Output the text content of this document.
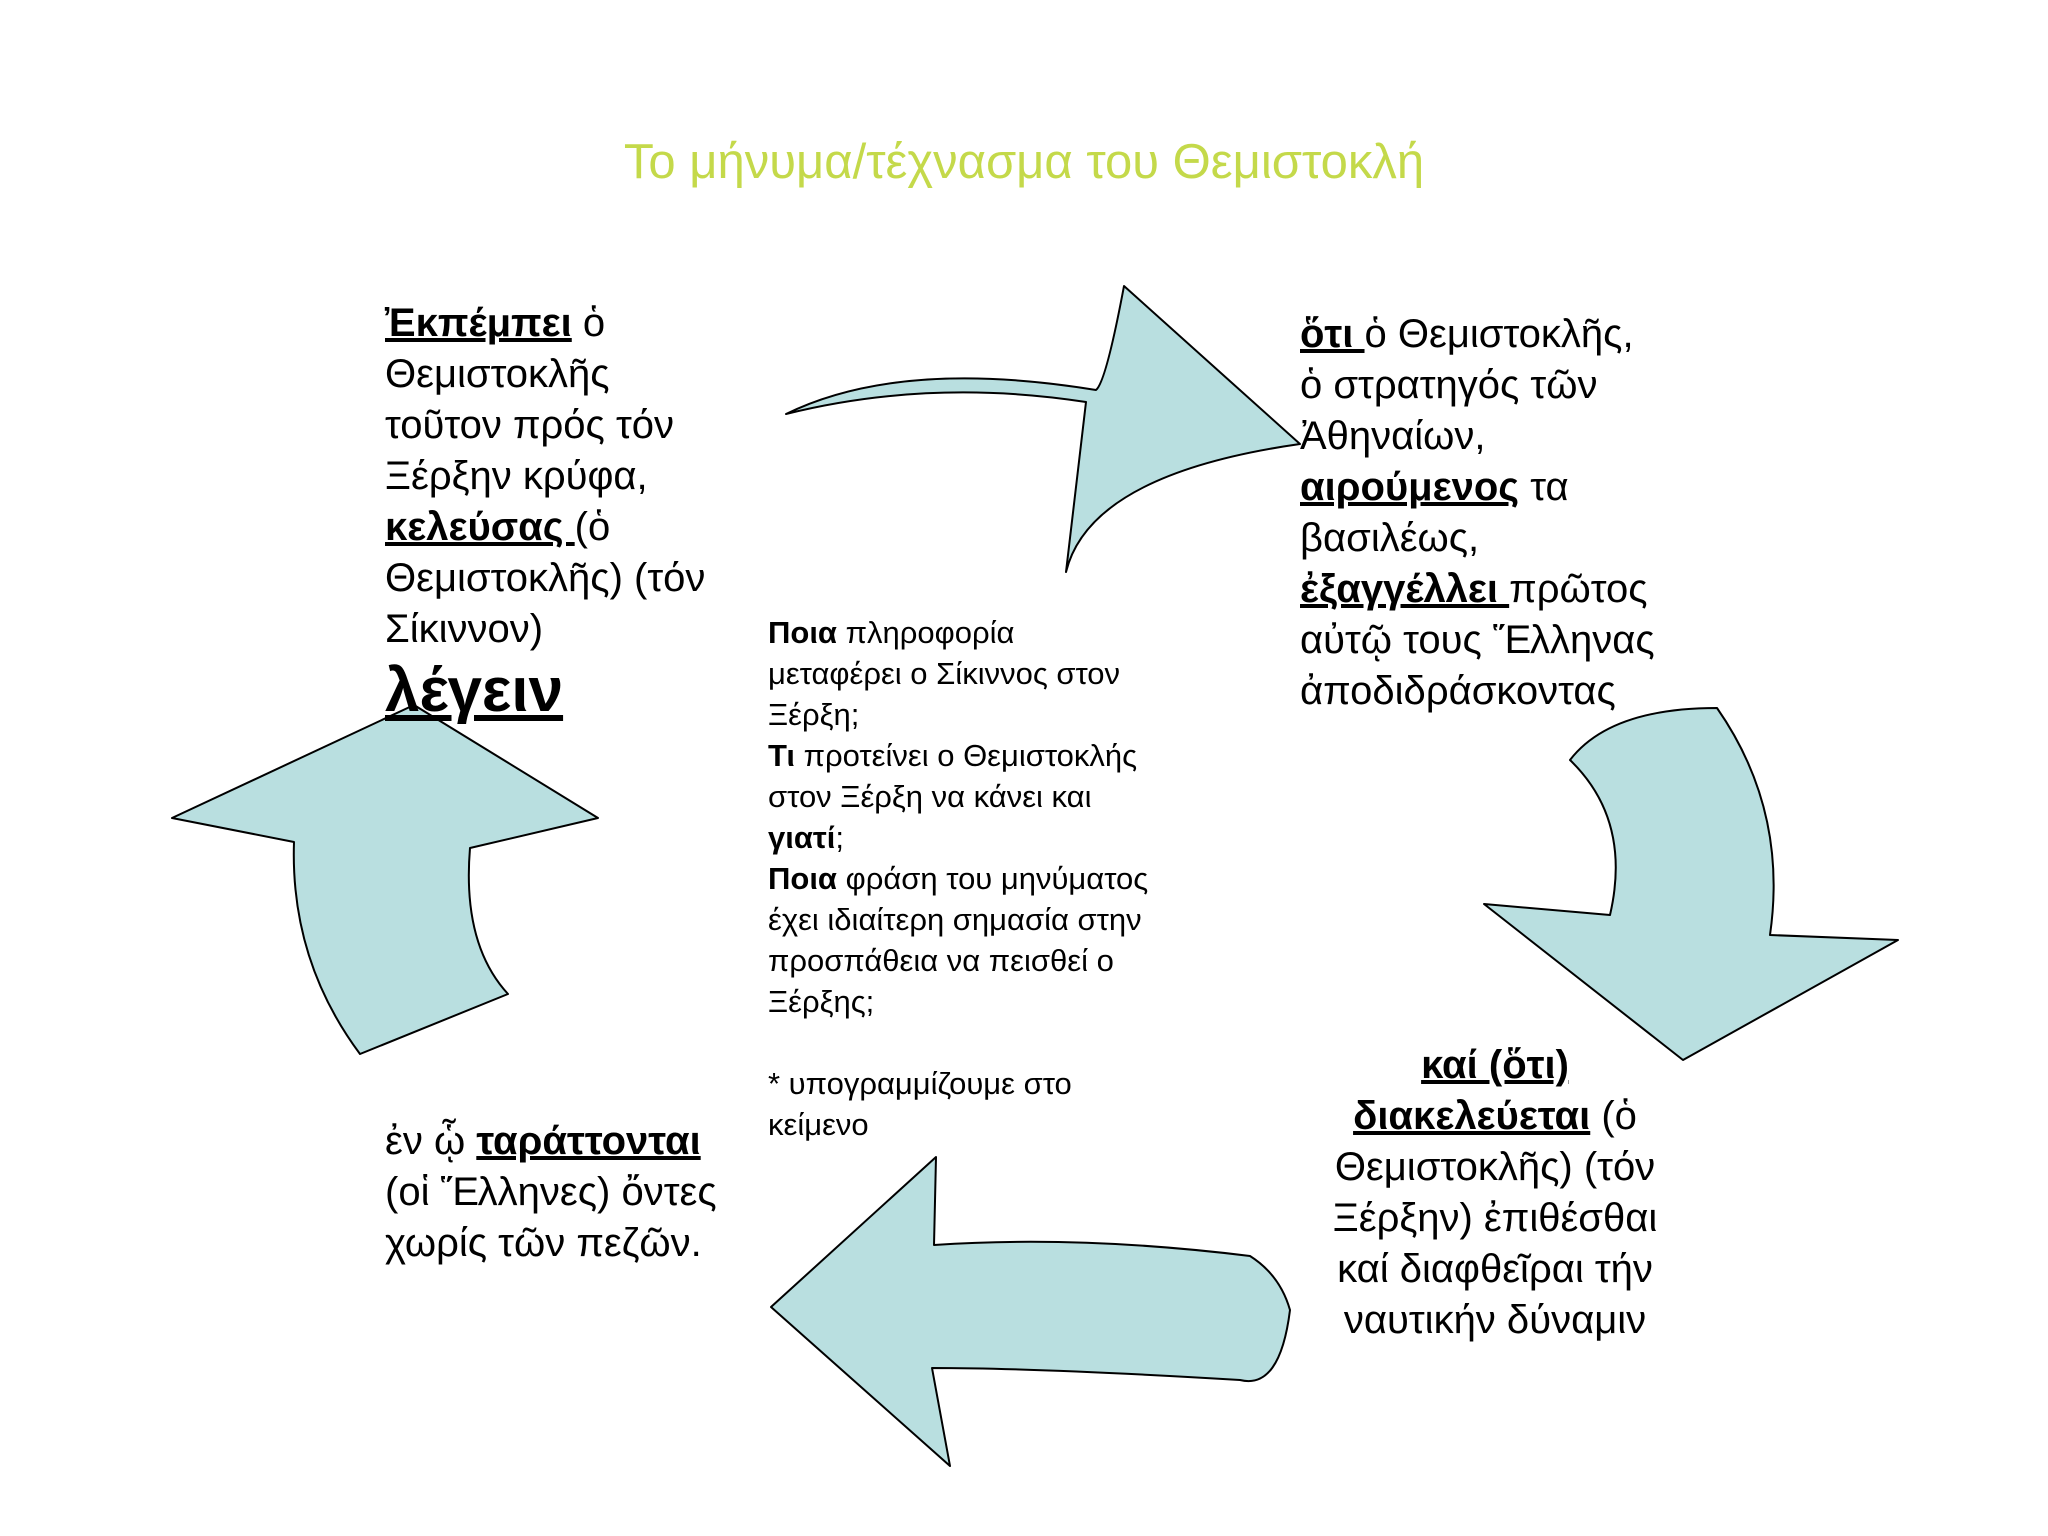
Το μήνυμα/τέχνασμα του Θεμιστοκλή
Ἐκπέμπει ὁ
Θεμιστοκλῆς
τοῦτον πρός τόν
Ξέρξην κρύφα,
κελεύσας (ὁ
Θεμιστοκλῆς) (τόν
Σίκιννον)
λέγειν
ὅτι ὁ Θεμιστοκλῆς,
ὁ στρατηγός τῶν
Ἀθηναίων,
αιρούμενος τα
βασιλέως,
ἐξαγγέλλει πρῶτος
αὐτῷ τους Ἕλληνας
ἀποδιδράσκοντας
καί (ὅτι)
διακελεύεται (ὁ
Θεμιστοκλῆς) (τόν
Ξέρξην) ἐπιθέσθαι
καί διαφθεῖραι τήν
ναυτικήν δύναμιν
ἐν ᾧ ταράττονται
(οἱ Ἕλληνες) ὄντες
χωρίς τῶν πεζῶν.
Ποια πληροφορία
μεταφέρει ο Σίκιννος στον
Ξέρξη;
Τι προτείνει ο Θεμιστοκλής
στον Ξέρξη να κάνει και
γιατί;
Ποια φράση του μηνύματος
έχει ιδιαίτερη σημασία στην
προσπάθεια να πεισθεί ο
Ξέρξης;
* υπογραμμίζουμε στο
κείμενο
